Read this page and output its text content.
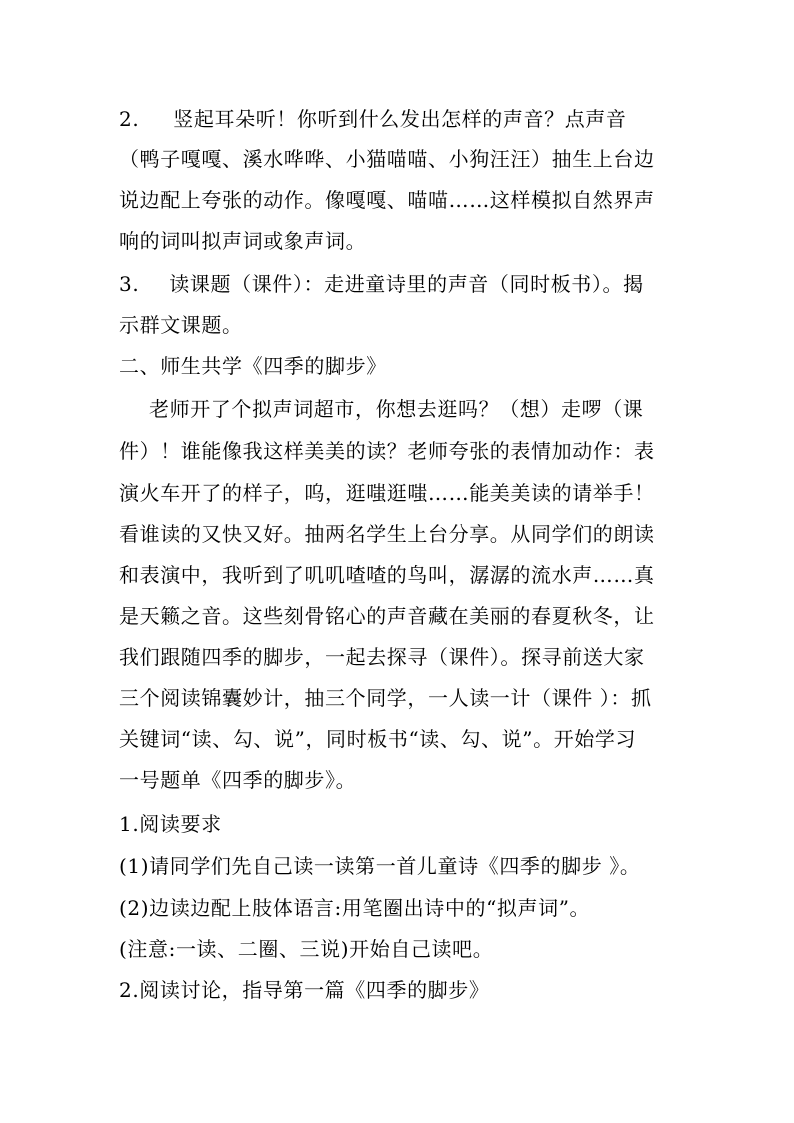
2. 竖起耳朵听！你听到什么发出怎样的声音？点声音
（鸭子嘎嘎、溪水哗哗、小猫喵喵、小狗汪汪）抽生上台边
说边配上夸张的动作。像嘎嘎、喵喵……这样模拟自然界声
响的词叫拟声词或象声词。
3. 读课题（课件）：走进童诗里的声音（同时板书）。揭
示群文课题。
二、师生共学《四季的脚步》
老师开了个拟声词超市，你想去逛吗？（想）走啰（课
件）！谁能像我这样美美的读？老师夸张的表情加动作：表
演火车开了的样子，呜，逛嗤逛嗤……能美美读的请举手！
看谁读的又快又好。抽两名学生上台分享。从同学们的朗读
和表演中，我听到了叽叽喳喳的鸟叫，潺潺的流水声……真
是天籁之音。这些刻骨铭心的声音藏在美丽的春夏秋冬，让
我们跟随四季的脚步，一起去探寻（课件）。探寻前送大家
三个阅读锦囊妙计，抽三个同学，一人读一计（课件 ）：抓
关键词“读、勾、说”，同时板书“读、勾、说”。开始学习
一号题单《四季的脚步》。
1.阅读要求
(1)请同学们先自己读一读第一首儿童诗《四季的脚步 》。
(2)边读边配上肢体语言:用笔圈出诗中的“拟声词”。
(注意:一读、二圈、三说)开始自己读吧。
2.阅读讨论，指导第一篇《四季的脚步》
